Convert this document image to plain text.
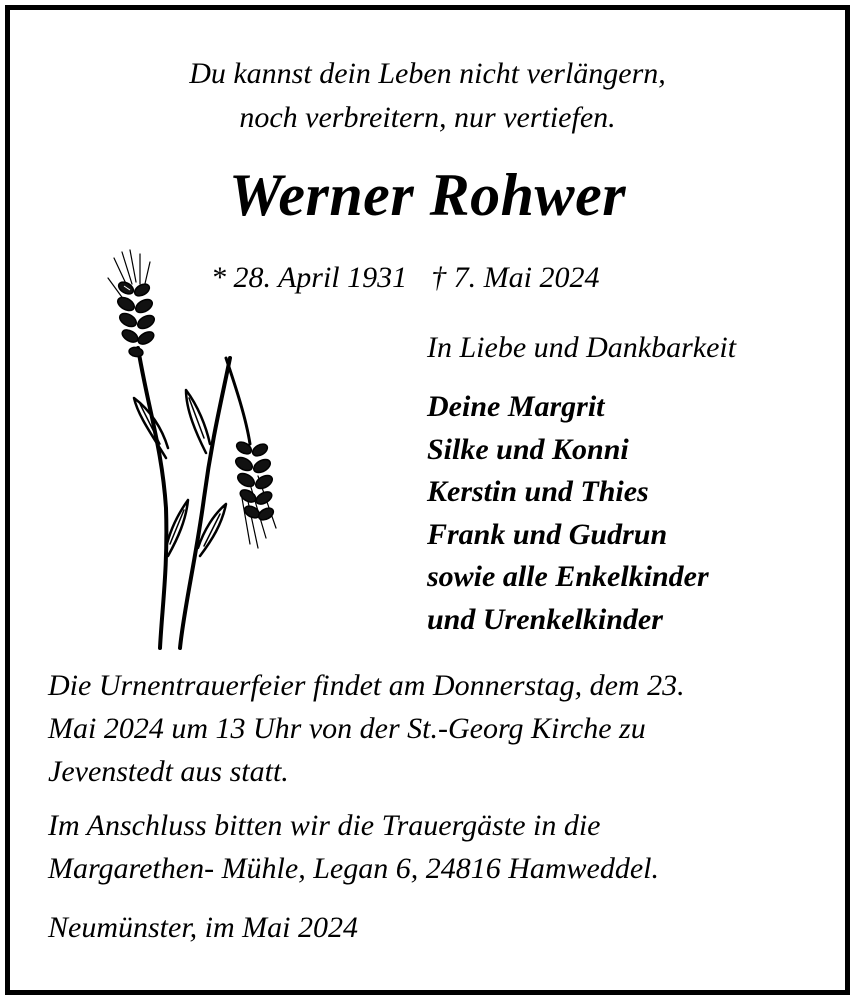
Du kannst dein Leben nicht verlängern,
noch verbreitern, nur vertiefen.
Werner Rohwer
* 28. April 1931 † 7. Mai 2024
In Liebe und Dankbarkeit
Deine Margrit
Silke und Konni
Kerstin und Thies
Frank und Gudrun
sowie alle Enkelkinder
und Urenkelkinder
Die Urnentrauerfeier findet am Donnerstag, dem 23.
Mai 2024 um 13 Uhr von der St.-Georg Kirche zu
Jevenstedt aus statt.
Im Anschluss bitten wir die Trauergäste in die
Margarethen- Mühle, Legan 6, 24816 Hamweddel.
Neumünster, im Mai 2024
